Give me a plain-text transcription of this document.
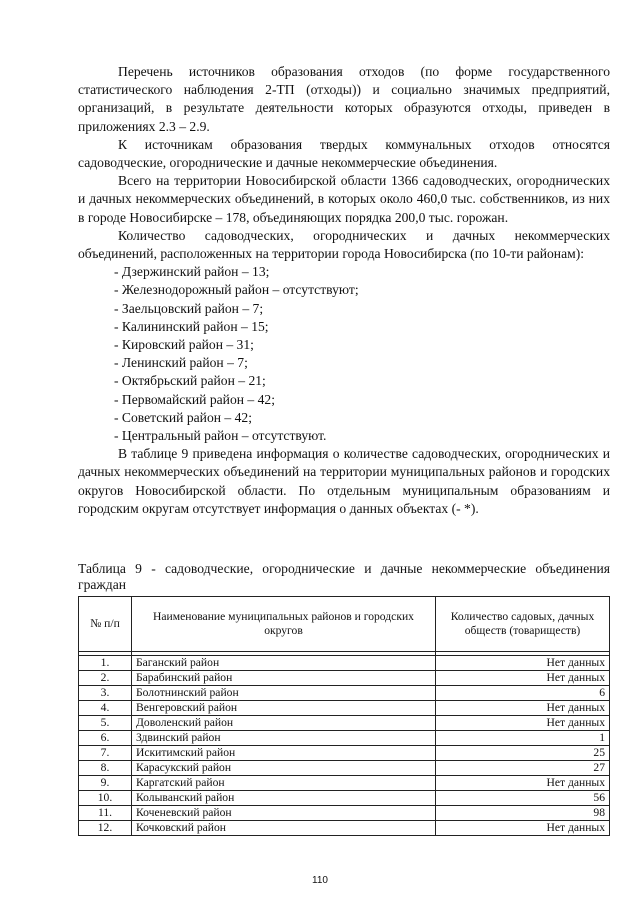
Перечень источников образования отходов (по форме государственного статистического наблюдения 2-ТП (отходы)) и социально значимых предприятий, организаций, в результате деятельности которых образуются отходы, приведен в приложениях 2.3 – 2.9.

К источникам образования твердых коммунальных отходов относятся садоводческие, огороднические и дачные некоммерческие объединения.

Всего на территории Новосибирской области 1366 садоводческих, огороднических и дачных некоммерческих объединений, в которых около 460,0 тыс. собственников, из них в городе Новосибирске – 178, объединяющих порядка 200,0 тыс. горожан.

Количество садоводческих, огороднических и дачных некоммерческих объединений, расположенных на территории города Новосибирска (по 10-ти районам):

- Дзержинский район – 13;
- Железнодорожный район – отсутствуют;
- Заельцовский район – 7;
- Калининский район – 15;
- Кировский район – 31;
- Ленинский район – 7;
- Октябрьский район – 21;
- Первомайский район – 42;
- Советский район – 42;
- Центральный район – отсутствуют.

В таблице 9 приведена информация о количестве садоводческих, огороднических и дачных некоммерческих объединений на территории муниципальных районов и городских округов Новосибирской области. По отдельным муниципальным образованиям и городским округам отсутствует информация о данных объектах (- *).

Таблица 9 - садоводческие, огороднические и дачные некоммерческие объединения граждан
№ п/п	Наименование муниципальных районов и городских округов	Количество садовых, дачных обществ (товариществ)

1.	Баганский район	Нет данных
2.	Барабинский район	Нет данных
3.	Болотнинский район	6
4.	Венгеровский район	Нет данных
5.	Доволенский район	Нет данных
6.	Здвинский район	1
7.	Искитимский район	25
8.	Карасукский район	27
9.	Каргатский район	Нет данных
10.	Колыванский район	56
11.	Коченевский район	98
12.	Кочковский район	Нет данных
110
